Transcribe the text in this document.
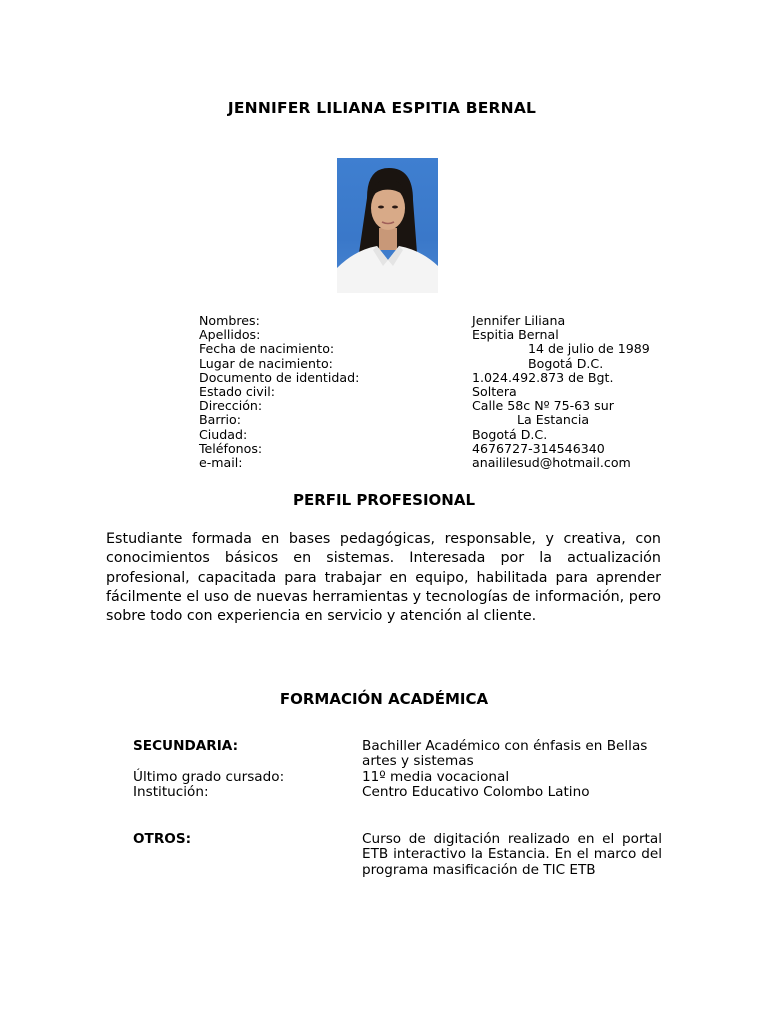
JENNIFER LILIANA ESPITIA BERNAL
Nombres:	Jennifer Liliana
Apellidos:	Espitia Bernal
Fecha de nacimiento:	14 de julio de 1989
Lugar de nacimiento:	Bogotá D.C.
Documento de identidad:	1.024.492.873 de Bgt.
Estado civil:	Soltera
Dirección:	Calle 58c Nº 75-63 sur
Barrio:	La Estancia
Ciudad:	Bogotá D.C.
Teléfonos:	4676727-314546340
e-mail:	anaililesud@hotmail.com
PERFIL PROFESIONAL

Estudiante formada en bases pedagógicas, responsable, y creativa, con conocimientos básicos en sistemas. Interesada por la actualización profesional, capacitada para trabajar en equipo, habilitada para aprender fácilmente el uso de nuevas herramientas y tecnologías de información, pero sobre todo con experiencia en servicio y atención al cliente.

FORMACIÓN ACADÉMICA
SECUNDARIA:	Bachiller Académico con énfasis en Bellas artes y sistemas
Último grado cursado:	11º media vocacional
Institución:	Centro Educativo Colombo Latino
OTROS:	Curso de digitación realizado en el portal ETB interactivo la Estancia. En el marco del programa masificación de TIC ETB
